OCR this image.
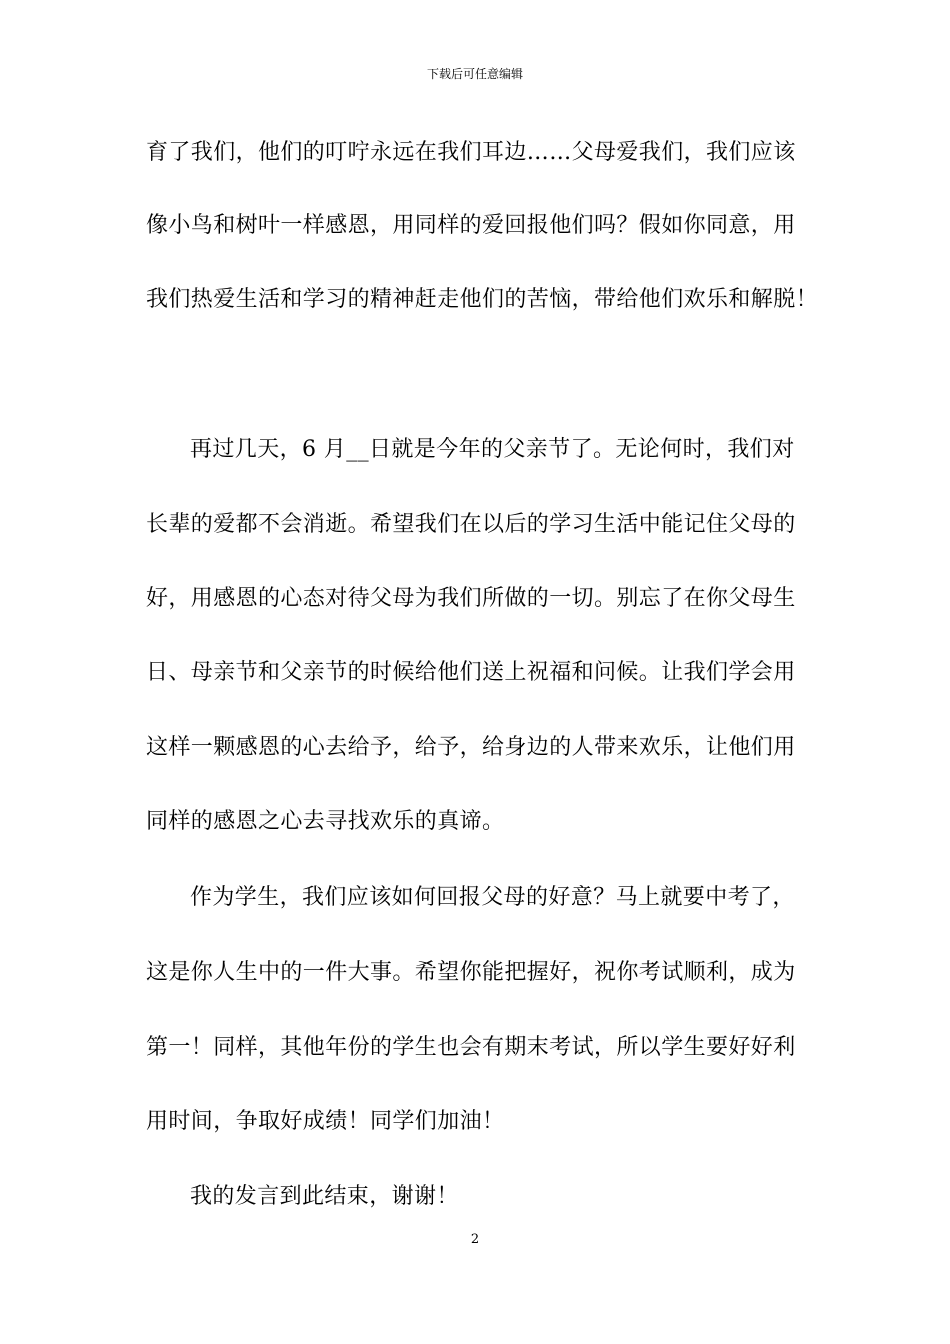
下载后可任意编辑
育了我们，他们的叮咛永远在我们耳边……父母爱我们，我们应该
像小鸟和树叶一样感恩，用同样的爱回报他们吗？假如你同意，用
我们热爱生活和学习的精神赶走他们的苦恼，带给他们欢乐和解脱！
再过几天，6 月__日就是今年的父亲节了。无论何时，我们对
长辈的爱都不会消逝。希望我们在以后的学习生活中能记住父母的
好，用感恩的心态对待父母为我们所做的一切。别忘了在你父母生
日、母亲节和父亲节的时候给他们送上祝福和问候。让我们学会用
这样一颗感恩的心去给予，给予，给身边的人带来欢乐，让他们用
同样的感恩之心去寻找欢乐的真谛。
作为学生，我们应该如何回报父母的好意？马上就要中考了，
这是你人生中的一件大事。希望你能把握好，祝你考试顺利，成为
第一！同样，其他年份的学生也会有期末考试，所以学生要好好利
用时间，争取好成绩！同学们加油！
我的发言到此结束，谢谢！
2
